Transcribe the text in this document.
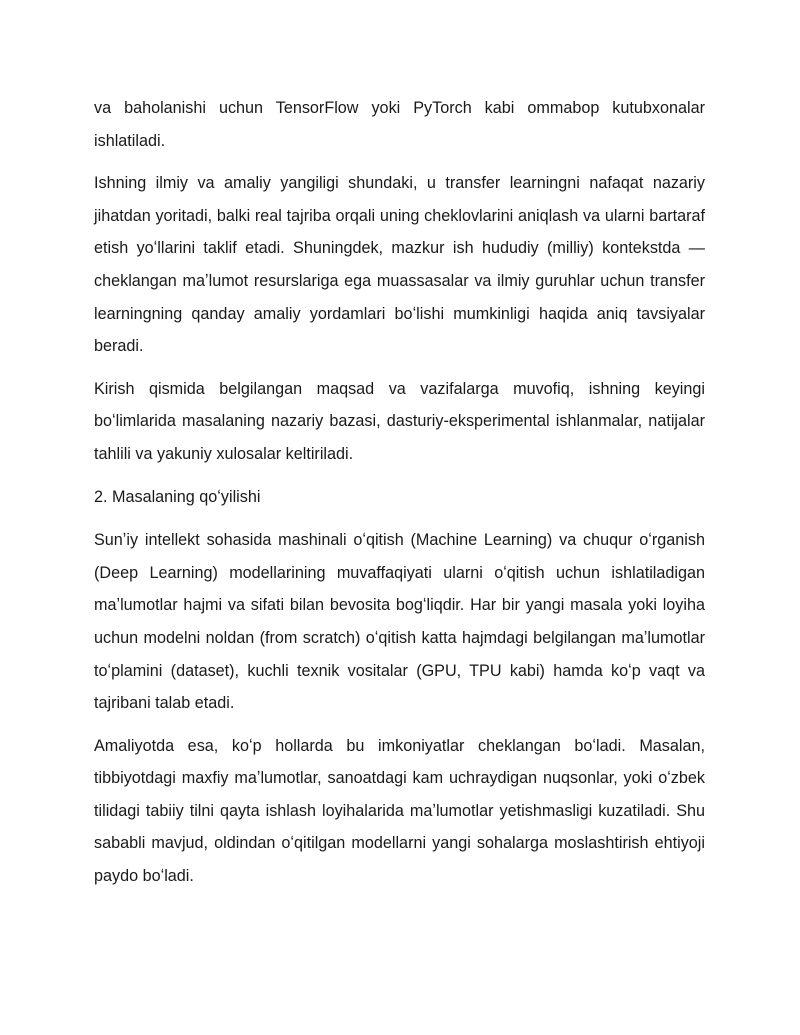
va baholanishi uchun TensorFlow yoki PyTorch kabi ommabop kutubxonalar ishlatiladi.

Ishning ilmiy va amaliy yangiligi shundaki, u transfer learningni nafaqat nazariy jihatdan yoritadi, balki real tajriba orqali uning cheklovlarini aniqlash va ularni bartaraf etish yoʻllarini taklif etadi. Shuningdek, mazkur ish hududiy (milliy) kontekstda — cheklangan maʼlumot resurslariga ega muassasalar va ilmiy guruhlar uchun transfer learningning qanday amaliy yordamlari boʻlishi mumkinligi haqida aniq tavsiyalar beradi.

Kirish qismida belgilangan maqsad va vazifalarga muvofiq, ishning keyingi boʻlimlarida masalaning nazariy bazasi, dasturiy-eksperimental ishlanmalar, natijalar tahlili va yakuniy xulosalar keltiriladi.

2. Masalaning qoʻyilishi

Sunʼiy intellekt sohasida mashinali oʻqitish (Machine Learning) va chuqur oʻrganish (Deep Learning) modellarining muvaffaqiyati ularni oʻqitish uchun ishlatiladigan maʼlumotlar hajmi va sifati bilan bevosita bogʻliqdir. Har bir yangi masala yoki loyiha uchun modelni noldan (from scratch) oʻqitish katta hajmdagi belgilangan maʼlumotlar toʻplamini (dataset), kuchli texnik vositalar (GPU, TPU kabi) hamda koʻp vaqt va tajribani talab etadi.

Amaliyotda esa, koʻp hollarda bu imkoniyatlar cheklangan boʻladi. Masalan, tibbiyotdagi maxfiy maʼlumotlar, sanoatdagi kam uchraydigan nuqsonlar, yoki oʻzbek tilidagi tabiiy tilni qayta ishlash loyihalarida maʼlumotlar yetishmasligi kuzatiladi. Shu sababli mavjud, oldindan oʻqitilgan modellarni yangi sohalarga moslashtirish ehtiyoji paydo boʻladi.
